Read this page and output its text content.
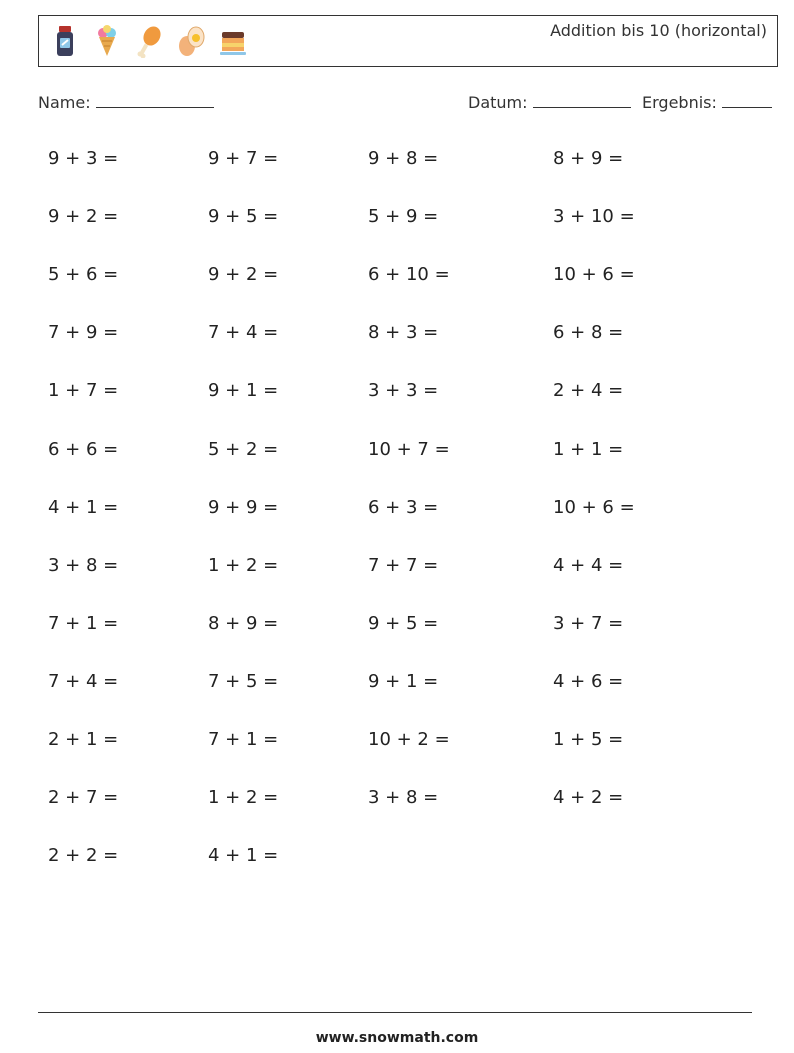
Addition bis 10 (horizontal)
Name:	Datum:	Ergebnis:
9 + 3 =	9 + 7 =	9 + 8 =	8 + 9 =
9 + 2 =	9 + 5 =	5 + 9 =	3 + 10 =
5 + 6 =	9 + 2 =	6 + 10 =	10 + 6 =
7 + 9 =	7 + 4 =	8 + 3 =	6 + 8 =
1 + 7 =	9 + 1 =	3 + 3 =	2 + 4 =
6 + 6 =	5 + 2 =	10 + 7 =	1 + 1 =
4 + 1 =	9 + 9 =	6 + 3 =	10 + 6 =
3 + 8 =	1 + 2 =	7 + 7 =	4 + 4 =
7 + 1 =	8 + 9 =	9 + 5 =	3 + 7 =
7 + 4 =	7 + 5 =	9 + 1 =	4 + 6 =
2 + 1 =	7 + 1 =	10 + 2 =	1 + 5 =
2 + 7 =	1 + 2 =	3 + 8 =	4 + 2 =
2 + 2 =	4 + 1 =
www.snowmath.com
